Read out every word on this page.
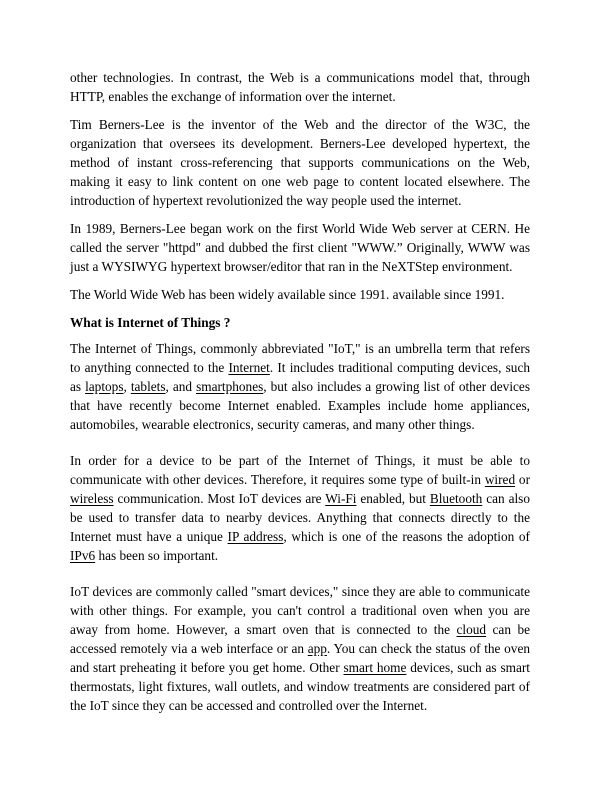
other technologies. In contrast, the Web is a communications model that, through HTTP, enables the exchange of information over the internet.

Tim Berners-Lee is the inventor of the Web and the director of the W3C, the organization that oversees its development. Berners-Lee developed hypertext, the method of instant cross-referencing that supports communications on the Web, making it easy to link content on one web page to content located elsewhere. The introduction of hypertext revolutionized the way people used the internet.

In 1989, Berners-Lee began work on the first World Wide Web server at CERN. He called the server "httpd" and dubbed the first client "WWW.” Originally, WWW was just a WYSIWYG hypertext browser/editor that ran in the NeXTStep environment.

The World Wide Web has been widely available since 1991. available since 1991.

What is Internet of Things ?

The Internet of Things, commonly abbreviated "IoT," is an umbrella term that refers to anything connected to the Internet. It includes traditional computing devices, such as laptops, tablets, and smartphones, but also includes a growing list of other devices that have recently become Internet enabled. Examples include home appliances, automobiles, wearable electronics, security cameras, and many other things.

In order for a device to be part of the Internet of Things, it must be able to communicate with other devices. Therefore, it requires some type of built-in wired or wireless communication. Most IoT devices are Wi-Fi enabled, but Bluetooth can also be used to transfer data to nearby devices. Anything that connects directly to the Internet must have a unique IP address, which is one of the reasons the adoption of IPv6 has been so important.

IoT devices are commonly called "smart devices," since they are able to communicate with other things. For example, you can't control a traditional oven when you are away from home. However, a smart oven that is connected to the cloud can be accessed remotely via a web interface or an app. You can check the status of the oven and start preheating it before you get home. Other smart home devices, such as smart thermostats, light fixtures, wall outlets, and window treatments are considered part of the IoT since they can be accessed and controlled over the Internet.
